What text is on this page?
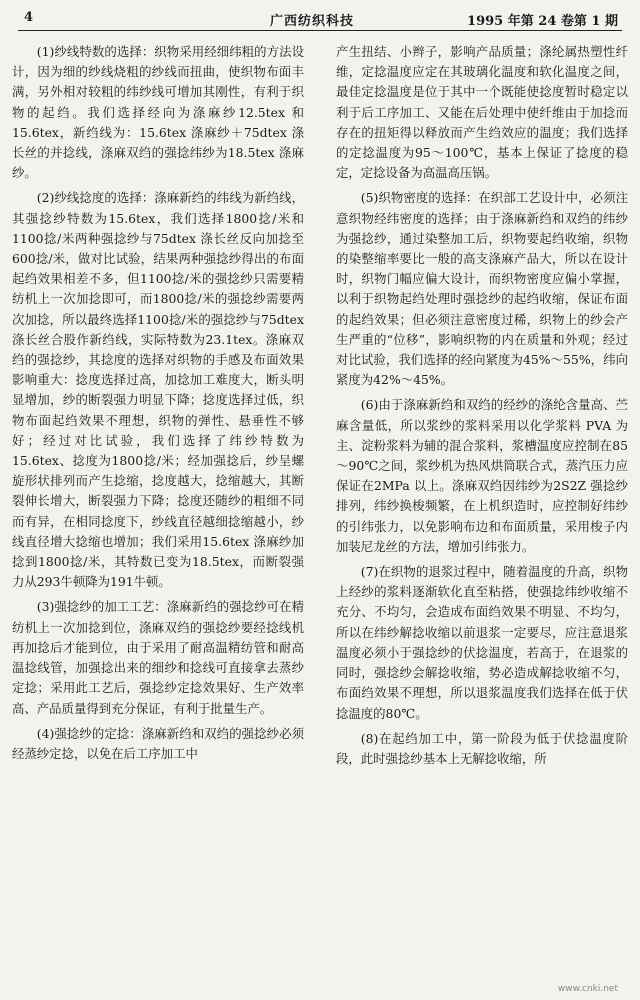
4	广西纺织科技	1995 年第 24 卷第 1 期

(1)纱线特数的选择：织物采用经细纬粗的方法设计，因为细的纱线烧粗的纱线而扭曲，使织物布面丰满，另外相对较粗的纬纱线可增加其刚性，有利于织物的起绉。我们选择经向为涤麻纱12.5tex 和15.6tex，新绉线为：15.6tex 涤麻纱＋75dtex 涤长丝的并捻线，涤麻双绉的强捻纬纱为18.5tex 涤麻纱。

(2)纱线捻度的选择：涤麻新绉的纬线为新绉线，其强捻纱特数为15.6tex，我们选择1800捻/米和1100捻/米两种强捻纱与75dtex 涤长丝反向加捻至600捻/米，做对比试验，结果两种强捻纱得出的布面起绉效果相差不多，但1100捻/米的强捻纱只需要精纺机上一次加捻即可，而1800捻/米的强捻纱需要两次加捻，所以最终选择1100捻/米的强捻纱与75dtex 涤长丝合股作新绉线，实际特数为23.1tex。涤麻双绉的强捻纱，其捻度的选择对织物的手感及布面效果影响重大：捻度选择过高，加捻加工难度大，断头明显增加，纱的断裂强力明显下降；捻度选择过低，织物布面起绉效果不理想，织物的弹性、悬垂性不够好；经过对比试验，我们选择了纬纱特数为15.6tex、捻度为1800捻/米；经加强捻后，纱呈螺旋形状排列而产生捻缩，捻度越大，捻缩越大，其断裂伸长增大，断裂强力下降；捻度还随纱的粗细不同而有异，在相同捻度下，纱线直径越细捻缩越小，纱线直径增大捻缩也增加；我们采用15.6tex 涤麻纱加捻到1800捻/米，其特数已变为18.5tex，而断裂强力从293牛顿降为191牛顿。

(3)强捻纱的加工工艺：涤麻新绉的强捻纱可在精纺机上一次加捻到位，涤麻双绉的强捻纱要经捻线机再加捻后才能到位，由于采用了耐高温精纺管和耐高温捻线管，加强捻出来的细纱和捻线可直接拿去蒸纱定捻；采用此工艺后，强捻纱定捻效果好、生产效率高、产品质量得到充分保证，有利于批量生产。

(4)强捻纱的定捻：涤麻新绉和双绉的强捻纱必须经蒸纱定捻，以免在后工序加工中

产生扭结、小辫子，影响产品质量；涤纶属热塑性纤维，定捻温度应定在其玻璃化温度和软化温度之间，最佳定捻温度是位于其中一个既能使捻度暂时稳定以利于后工序加工、又能在后处理中使纤维由于加捻而存在的扭矩得以释放而产生绉效应的温度；我们选择的定捻温度为95～100℃，基本上保证了捻度的稳定，定捻设备为高温高压锅。

(5)织物密度的选择：在织部工艺设计中，必须注意织物经纬密度的选择；由于涤麻新绉和双绉的纬纱为强捻纱，通过染整加工后，织物要起绉收缩，织物的染整缩率要比一般的高支涤麻产品大，所以在设计时，织物门幅应偏大设计，而织物密度应偏小掌握，以利于织物起绉处理时强捻纱的起绉收缩，保证布面的起绉效果；但必须注意密度过稀，织物上的纱会产生严重的“位移”，影响织物的内在质量和外观；经过对比试验，我们选择的经向紧度为45%～55%，纬向紧度为42%～45%。

(6)由于涤麻新绉和双绉的经纱的涤纶含量高、苎麻含量低，所以浆纱的浆料采用以化学浆料 PVA 为主、淀粉浆料为辅的混合浆料，浆槽温度应控制在85～90℃之间，浆纱机为热风烘筒联合式，蒸汽压力应保证在2MPa 以上。涤麻双绉因纬纱为2S2Z 强捻纱排列，纬纱换梭频繁，在上机织造时，应控制好纬纱的引纬张力，以免影响布边和布面质量，采用梭子内加装尼龙丝的方法，增加引纬张力。

(7)在织物的退浆过程中，随着温度的升高，织物上经纱的浆料逐渐软化直至粘搭，使强捻纬纱收缩不充分、不均匀，会造成布面绉效果不明显、不均匀，所以在纬纱解捻收缩以前退浆一定要尽，应注意退浆温度必须小于强捻纱的伏捻温度，若高于，在退浆的同时，强捻纱会解捻收缩，势必造成解捻收缩不匀，布面绉效果不理想，所以退浆温度我们选择在低于伏捻温度的80℃。

(8)在起绉加工中，第一阶段为低于伏捻温度阶段，此时强捻纱基本上无解捻收缩，所

www.cnki.net
